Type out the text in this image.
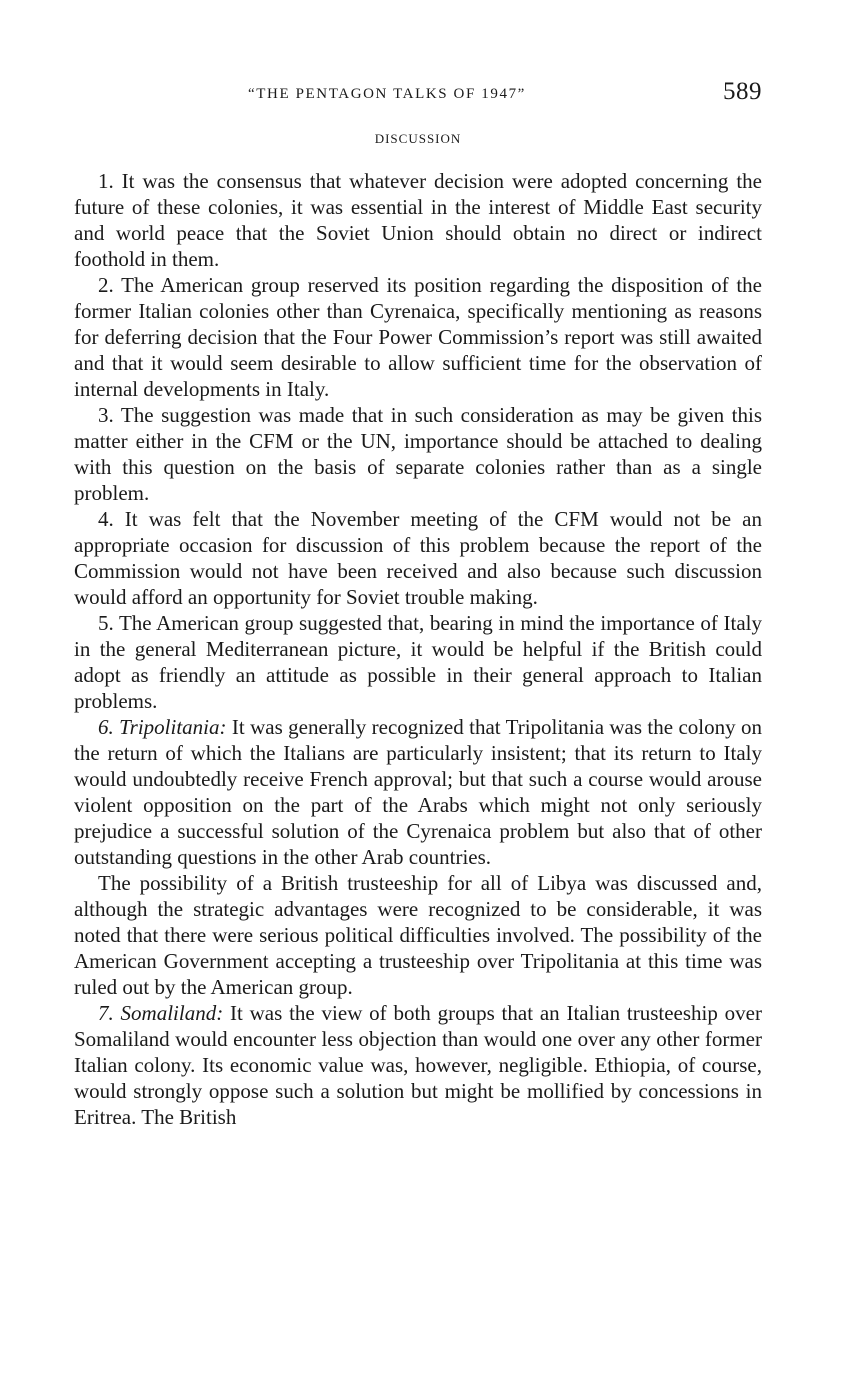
“THE PENTAGON TALKS OF 1947”	589
DISCUSSION

1. It was the consensus that whatever decision were adopted concerning the future of these colonies, it was essential in the interest of Middle East security and world peace that the Soviet Union should obtain no direct or indirect foothold in them.

2. The American group reserved its position regarding the disposition of the former Italian colonies other than Cyrenaica, specifically mentioning as reasons for deferring decision that the Four Power Commission’s report was still awaited and that it would seem desirable to allow sufficient time for the observation of internal developments in Italy.

3. The suggestion was made that in such consideration as may be given this matter either in the CFM or the UN, importance should be attached to dealing with this question on the basis of separate colonies rather than as a single problem.

4. It was felt that the November meeting of the CFM would not be an appropriate occasion for discussion of this problem because the report of the Commission would not have been received and also because such discussion would afford an opportunity for Soviet trouble making.

5. The American group suggested that, bearing in mind the importance of Italy in the general Mediterranean picture, it would be helpful if the British could adopt as friendly an attitude as possible in their general approach to Italian problems.

6. Tripolitania: It was generally recognized that Tripolitania was the colony on the return of which the Italians are particularly insistent; that its return to Italy would undoubtedly receive French approval; but that such a course would arouse violent opposition on the part of the Arabs which might not only seriously prejudice a successful solution of the Cyrenaica problem but also that of other outstanding questions in the other Arab countries.

The possibility of a British trusteeship for all of Libya was discussed and, although the strategic advantages were recognized to be considerable, it was noted that there were serious political difficulties involved. The possibility of the American Government accepting a trusteeship over Tripolitania at this time was ruled out by the American group.

7. Somaliland: It was the view of both groups that an Italian trusteeship over Somaliland would encounter less objection than would one over any other former Italian colony. Its economic value was, however, negligible. Ethiopia, of course, would strongly oppose such a solution but might be mollified by concessions in Eritrea. The British
